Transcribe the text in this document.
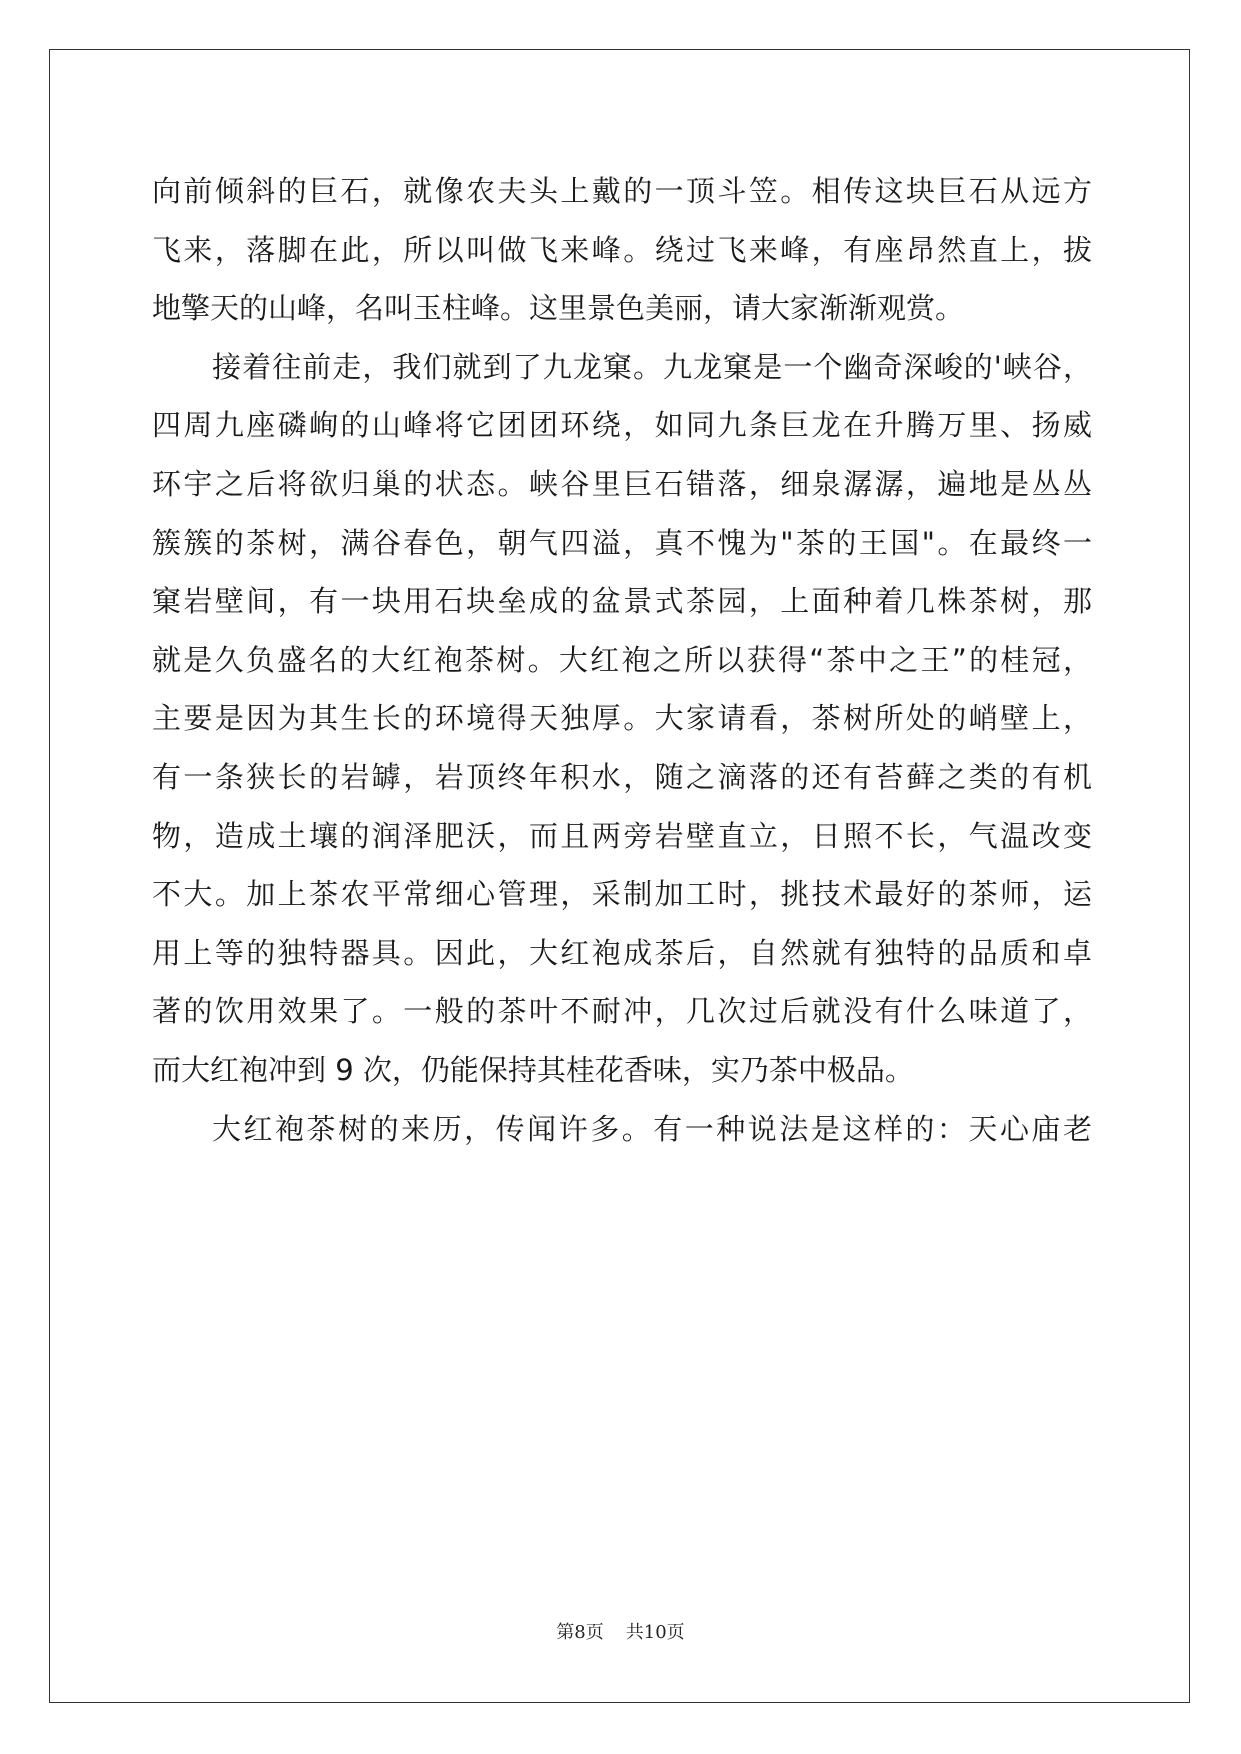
向前倾斜的巨石，就像农夫头上戴的一顶斗笠。相传这块巨石从远方
飞来，落脚在此，所以叫做飞来峰。绕过飞来峰，有座昂然直上，拔
地擎天的山峰，名叫玉柱峰。这里景色美丽，请大家渐渐观赏。
接着往前走，我们就到了九龙窠。九龙窠是一个幽奇深峻的'峡谷，
四周九座磷峋的山峰将它团团环绕，如同九条巨龙在升腾万里、扬威
环宇之后将欲归巢的状态。峡谷里巨石错落，细泉潺潺，遍地是丛丛
簇簇的茶树，满谷春色，朝气四溢，真不愧为"茶的王国"。在最终一
窠岩壁间，有一块用石块垒成的盆景式茶园，上面种着几株茶树，那
就是久负盛名的大红袍茶树。大红袍之所以获得“茶中之王”的桂冠，
主要是因为其生长的环境得天独厚。大家请看，茶树所处的峭壁上，
有一条狭长的岩罅，岩顶终年积水，随之滴落的还有苔藓之类的有机
物，造成土壤的润泽肥沃，而且两旁岩壁直立，日照不长，气温改变
不大。加上茶农平常细心管理，采制加工时，挑技术最好的茶师，运
用上等的独特器具。因此，大红袍成茶后，自然就有独特的品质和卓
著的饮用效果了。一般的茶叶不耐冲，几次过后就没有什么味道了，
而大红袍冲到 9 次，仍能保持其桂花香味，实乃茶中极品。
大红袍茶树的来历，传闻许多。有一种说法是这样的：天心庙老
第8页 共10页
